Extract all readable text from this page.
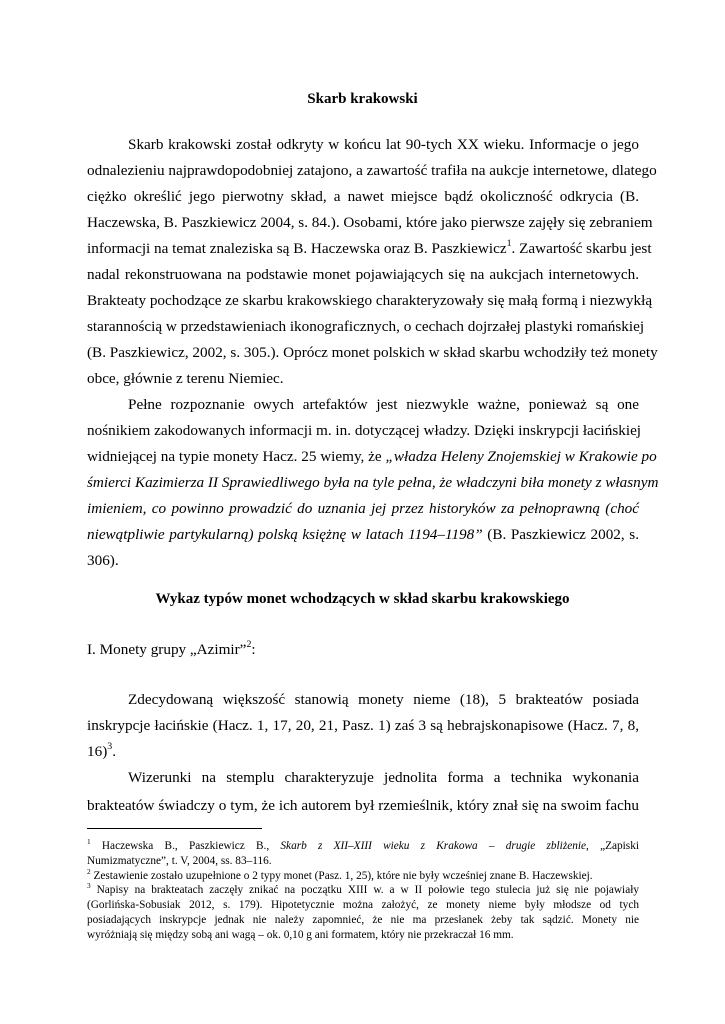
Skarb krakowski
Skarb krakowski został odkryty w końcu lat 90-tych XX wieku. Informacje o jego
odnalezieniu najprawdopodobniej zatajono, a zawartość trafiła na aukcje internetowe, dlatego
ciężko określić jego pierwotny skład, a nawet miejsce bądź okoliczność odkrycia (B.
Haczewska, B. Paszkiewicz 2004, s. 84.). Osobami, które jako pierwsze zajęły się zebraniem
informacji na temat znaleziska są B. Haczewska oraz B. Paszkiewicz$^1$. Zawartość skarbu jest
nadal rekonstruowana na podstawie monet pojawiających się na aukcjach internetowych.
Brakteaty pochodzące ze skarbu krakowskiego charakteryzowały się małą formą i niezwykłą
starannością w przedstawieniach ikonograficznych, o cechach dojrzałej plastyki romańskiej
(B. Paszkiewicz, 2002, s. 305.). Oprócz monet polskich w skład skarbu wchodziły też monety
obce, głównie z terenu Niemiec.
Pełne rozpoznanie owych artefaktów jest niezwykle ważne, ponieważ są one
nośnikiem zakodowanych informacji m. in. dotyczącej władzy. Dzięki inskrypcji łacińskiej
widniejącej na typie monety Hacz. 25 wiemy, że „władza Heleny Znojemskiej w Krakowie po
śmierci Kazimierza II Sprawiedliwego była na tyle pełna, że władczyni biła monety z własnym
imieniem, co powinno prowadzić do uznania jej przez historyków za pełnoprawną (choć
niewątpliwie partykularną) polską księżnę w latach 1194–1198” (B. Paszkiewicz 2002, s.
306).
Wykaz typów monet wchodzących w skład skarbu krakowskiego
I. Monety grupy „Azimir”$^2$:
Zdecydowaną większość stanowią monety nieme (18), 5 brakteatów posiada
inskrypcje łacińskie (Hacz. 1, 17, 20, 21, Pasz. 1) zaś 3 są hebrajskonapisowe (Hacz. 7, 8,
16)$^3$.
Wizerunki na stemplu charakteryzuje jednolita forma a technika wykonania
brakteatów świadczy o tym, że ich autorem był rzemieślnik, który znał się na swoim fachu
$^1$ Haczewska B., Paszkiewicz B., Skarb z XII–XIII wieku z Krakowa – drugie zbliżenie, „Zapiski
Numizmatyczne”, t. V, 2004, ss. 83–116.
$^2$ Zestawienie zostało uzupełnione o 2 typy monet (Pasz. 1, 25), które nie były wcześniej znane B. Haczewskiej.
$^3$ Napisy na brakteatach zaczęły znikać na początku XIII w. a w II połowie tego stulecia już się nie pojawiały
(Gorlińska-Sobusiak 2012, s. 179). Hipotetycznie można założyć, ze monety nieme były młodsze od tych
posiadających inskrypcje jednak nie należy zapomnieć, że nie ma przesłanek żeby tak sądzić. Monety nie
wyróżniają się między sobą ani wagą – ok. 0,10 g ani formatem, który nie przekraczał 16 mm.
